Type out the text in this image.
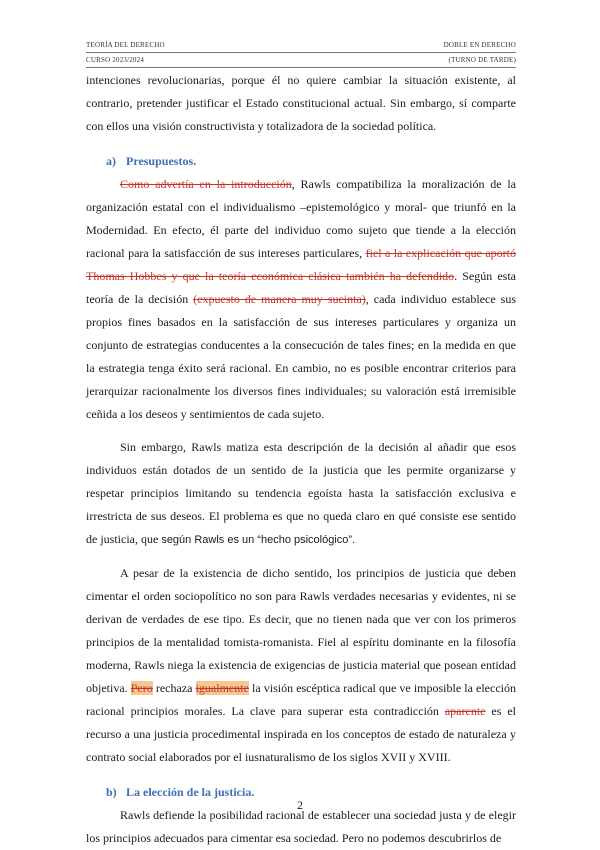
TEORÍA DEL DERECHO
CURSO 2023/2024
DOBLE EN DERECHO
(TURNO DE TARDE)

intenciones revolucionarias, porque él no quiere cambiar la situación existente, al contrario, pretender justificar el Estado constitucional actual. Sin embargo, sí comparte con ellos una visión constructivista y totalizadora de la sociedad política.

a) Presupuestos.

Como advertía en la introducción, Rawls compatibiliza la moralización de la organización estatal con el individualismo –epistemológico y moral- que triunfó en la Modernidad. En efecto, él parte del individuo como sujeto que tiende a la elección racional para la satisfacción de sus intereses particulares, fiel a la explicación que aportó Thomas Hobbes y que la teoría económica clásica también ha defendido. Según esta teoría de la decisión (expuesto de manera muy sucinta), cada individuo establece sus propios fines basados en la satisfacción de sus intereses particulares y organiza un conjunto de estrategias conducentes a la consecución de tales fines; en la medida en que la estrategia tenga éxito será racional. En cambio, no es posible encontrar criterios para jerarquizar racionalmente los diversos fines individuales; su valoración está irremisible ceñida a los deseos y sentimientos de cada sujeto.

Sin embargo, Rawls matiza esta descripción de la decisión al añadir que esos individuos están dotados de un sentido de la justicia que les permite organizarse y respetar principios limitando su tendencia egoísta hasta la satisfacción exclusiva e irrestricta de sus deseos. El problema es que no queda claro en qué consiste ese sentido de justicia, que según Rawls es un “hecho psicológico”.

A pesar de la existencia de dicho sentido, los principios de justicia que deben cimentar el orden sociopolítico no son para Rawls verdades necesarias y evidentes, ni se derivan de verdades de ese tipo. Es decir, que no tienen nada que ver con los primeros principios de la mentalidad tomista-romanista. Fiel al espíritu dominante en la filosofía moderna, Rawls niega la existencia de exigencias de justicia material que posean entidad objetiva. Pero rechaza igualmente la visión escéptica radical que ve imposible la elección racional principios morales. La clave para superar esta contradicción aparente es el recurso a una justicia procedimental inspirada en los conceptos de estado de naturaleza y contrato social elaborados por el iusnaturalismo de los siglos XVII y XVIII.

b) La elección de la justicia.

Rawls defiende la posibilidad racional de establecer una sociedad justa y de elegir los principios adecuados para cimentar esa sociedad. Pero no podemos descubrirlos de

2
